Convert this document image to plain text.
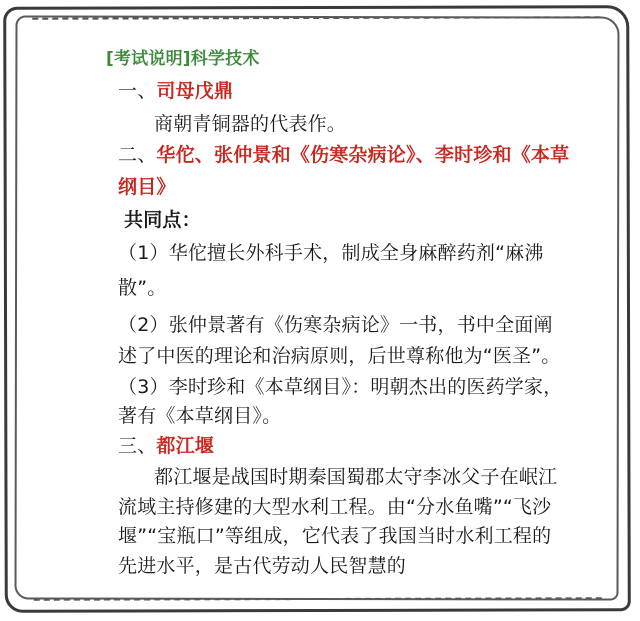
[考试说明]科学技术
一、司母戊鼎
商朝青铜器的代表作。
二、华佗、张仲景和《伤寒杂病论》、李时珍和《本草
纲目》
共同点：
（1）华佗擅长外科手术，制成全身麻醉药剂“麻沸
散”。
（2）张仲景著有《伤寒杂病论》一书，书中全面阐
述了中医的理论和治病原则，后世尊称他为“医圣”。
（3）李时珍和《本草纲目》：明朝杰出的医药学家，
著有《本草纲目》。
三、都江堰
都江堰是战国时期秦国蜀郡太守李冰父子在岷江
流域主持修建的大型水利工程。由“分水鱼嘴”“飞沙
堰”“宝瓶口”等组成，它代表了我国当时水利工程的
先进水平，是古代劳动人民智慧的
